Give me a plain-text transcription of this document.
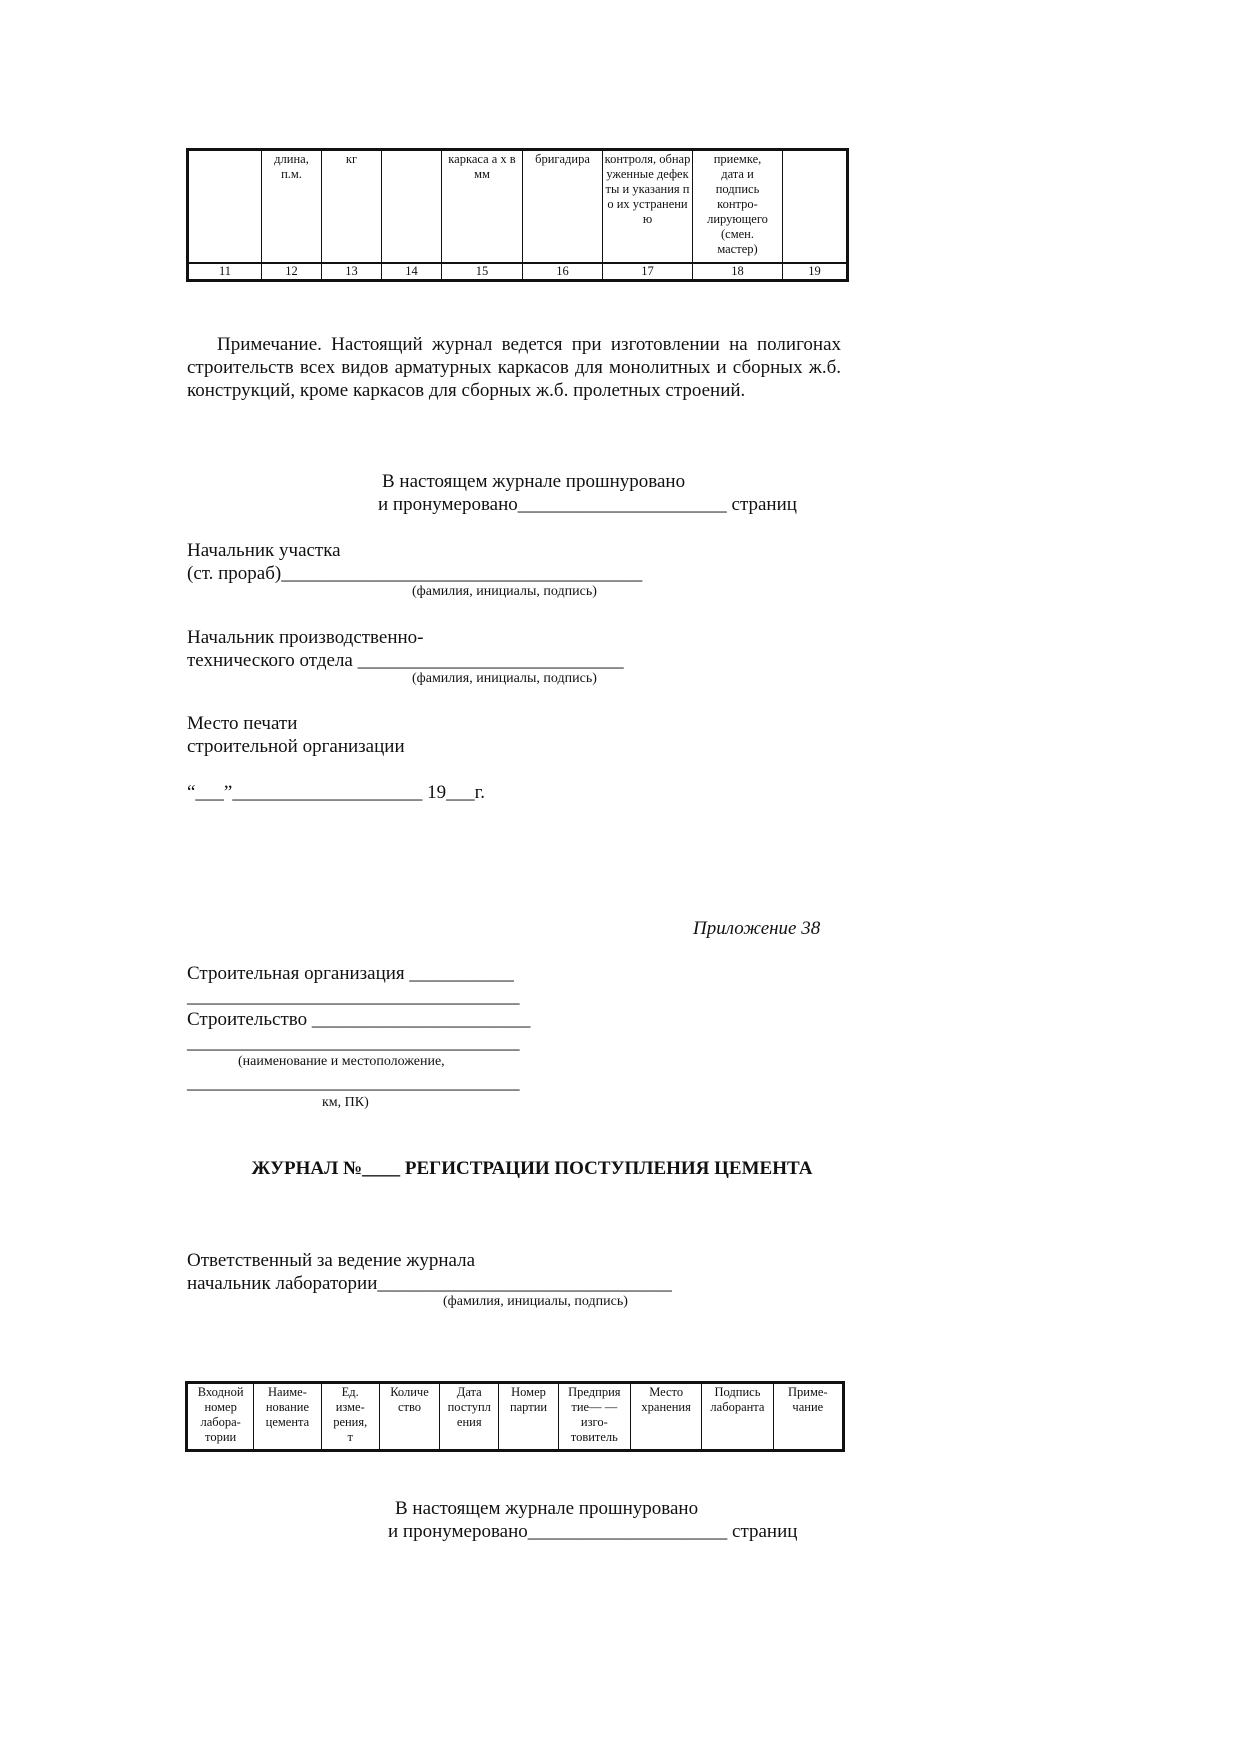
	длина, п.м.	кг		каркаса а х в мм	бригадира	контроля, обнаруженные дефекты и указания по их устранению	приемке, дата и подпись контро-лирующего (смен. мастер)	
11	12	13	14	15	16	17	18	19
Примечание. Настоящий журнал ведется при изготовлении на полигонах строительств всех видов арматурных каркасов для монолитных и сборных ж.б. конструкций, кроме каркасов для сборных ж.б. пролетных строений.
В настоящем журнале прошнуровано
и пронумеровано______________________ страниц
Начальник участка
(ст. прораб)______________________________________
(фамилия, инициалы, подпись)
Начальник производственно-
технического отдела ____________________________
(фамилия, инициалы, подпись)
Место печати
строительной организации
“___”____________________ 19___г.
Приложение 38
Строительная организация ___________
___________________________________
Строительство _______________________
___________________________________
(наименование и местоположение,
___________________________________
км, ПК)
ЖУРНАЛ №____ РЕГИСТРАЦИИ ПОСТУПЛЕНИЯ ЦЕМЕНТА
Ответственный за ведение журнала
начальник лаборатории_______________________________
(фамилия, инициалы, подпись)
Входной номер лабора-тории	Наиме-нование цемента	Ед. изме-рения, т	Количе ство	Дата поступл ения	Номер партии	Предприя тие— — изго-товитель	Место хранения	Подпись лаборанта	Приме-чание
В настоящем журнале прошнуровано
и пронумеровано_____________________ страниц
